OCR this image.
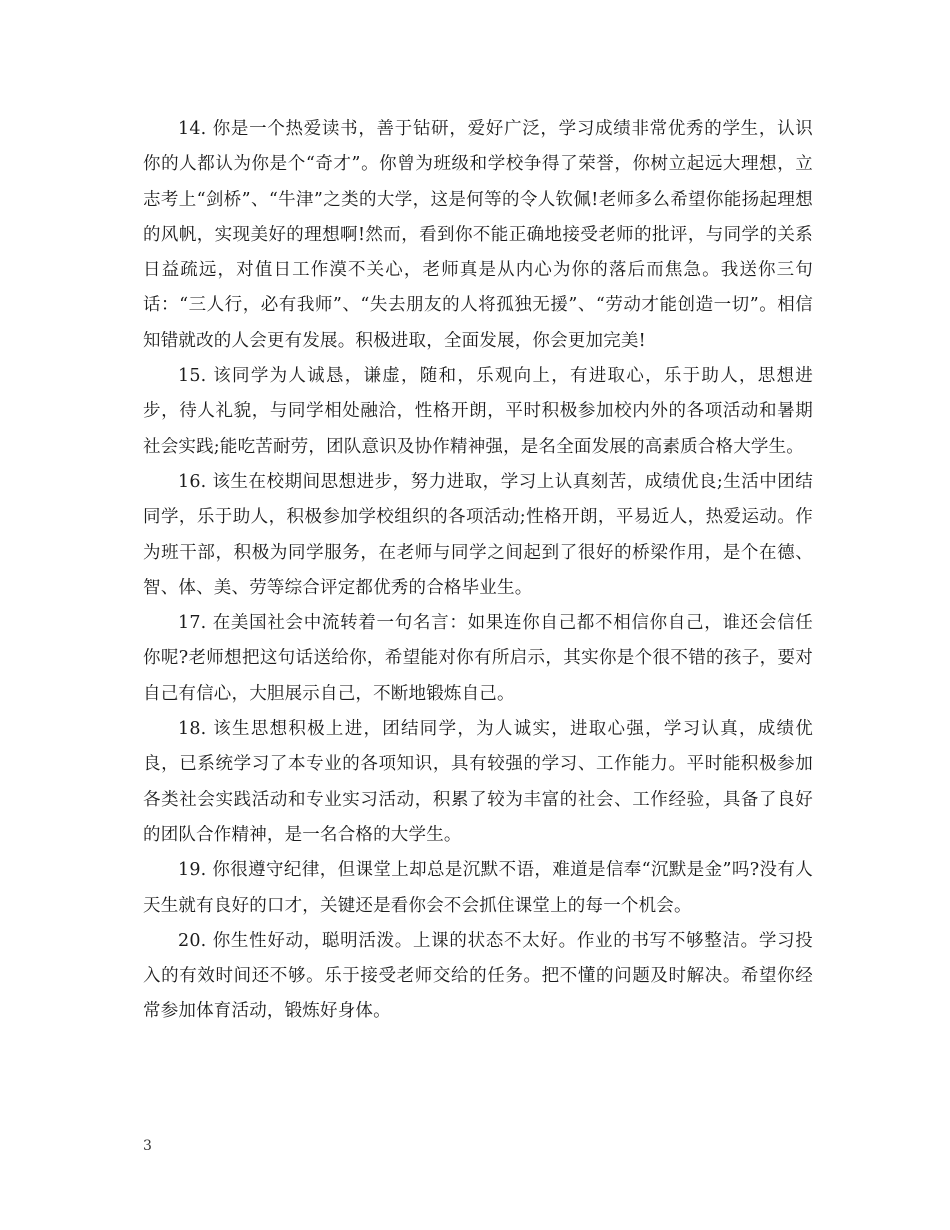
14. 你是一个热爱读书，善于钻研，爱好广泛，学习成绩非常优秀的学生，认识你的人都认为你是个“奇才”。你曾为班级和学校争得了荣誉，你树立起远大理想，立志考上“剑桥”、“牛津”之类的大学，这是何等的令人钦佩!老师多么希望你能扬起理想的风帆，实现美好的理想啊!然而，看到你不能正确地接受老师的批评，与同学的关系日益疏远，对值日工作漠不关心，老师真是从内心为你的落后而焦急。我送你三句话：“三人行，必有我师”、“失去朋友的人将孤独无援”、“劳动才能创造一切”。相信知错就改的人会更有发展。积极进取，全面发展，你会更加完美!

15. 该同学为人诚恳，谦虚，随和，乐观向上，有进取心，乐于助人，思想进步，待人礼貌，与同学相处融洽，性格开朗，平时积极参加校内外的各项活动和暑期社会实践;能吃苦耐劳，团队意识及协作精神强，是名全面发展的高素质合格大学生。

16. 该生在校期间思想进步，努力进取，学习上认真刻苦，成绩优良;生活中团结同学，乐于助人，积极参加学校组织的各项活动;性格开朗，平易近人，热爱运动。作为班干部，积极为同学服务，在老师与同学之间起到了很好的桥梁作用，是个在德、智、体、美、劳等综合评定都优秀的合格毕业生。

17. 在美国社会中流转着一句名言：如果连你自己都不相信你自己，谁还会信任你呢?老师想把这句话送给你，希望能对你有所启示，其实你是个很不错的孩子，要对自己有信心，大胆展示自己，不断地锻炼自己。

18. 该生思想积极上进，团结同学，为人诚实，进取心强，学习认真，成绩优良，已系统学习了本专业的各项知识，具有较强的学习、工作能力。平时能积极参加各类社会实践活动和专业实习活动，积累了较为丰富的社会、工作经验，具备了良好的团队合作精神，是一名合格的大学生。

19. 你很遵守纪律，但课堂上却总是沉默不语，难道是信奉“沉默是金”吗?没有人天生就有良好的口才，关键还是看你会不会抓住课堂上的每一个机会。

20. 你生性好动，聪明活泼。上课的状态不太好。作业的书写不够整洁。学习投入的有效时间还不够。乐于接受老师交给的任务。把不懂的问题及时解决。希望你经常参加体育活动，锻炼好身体。

3
